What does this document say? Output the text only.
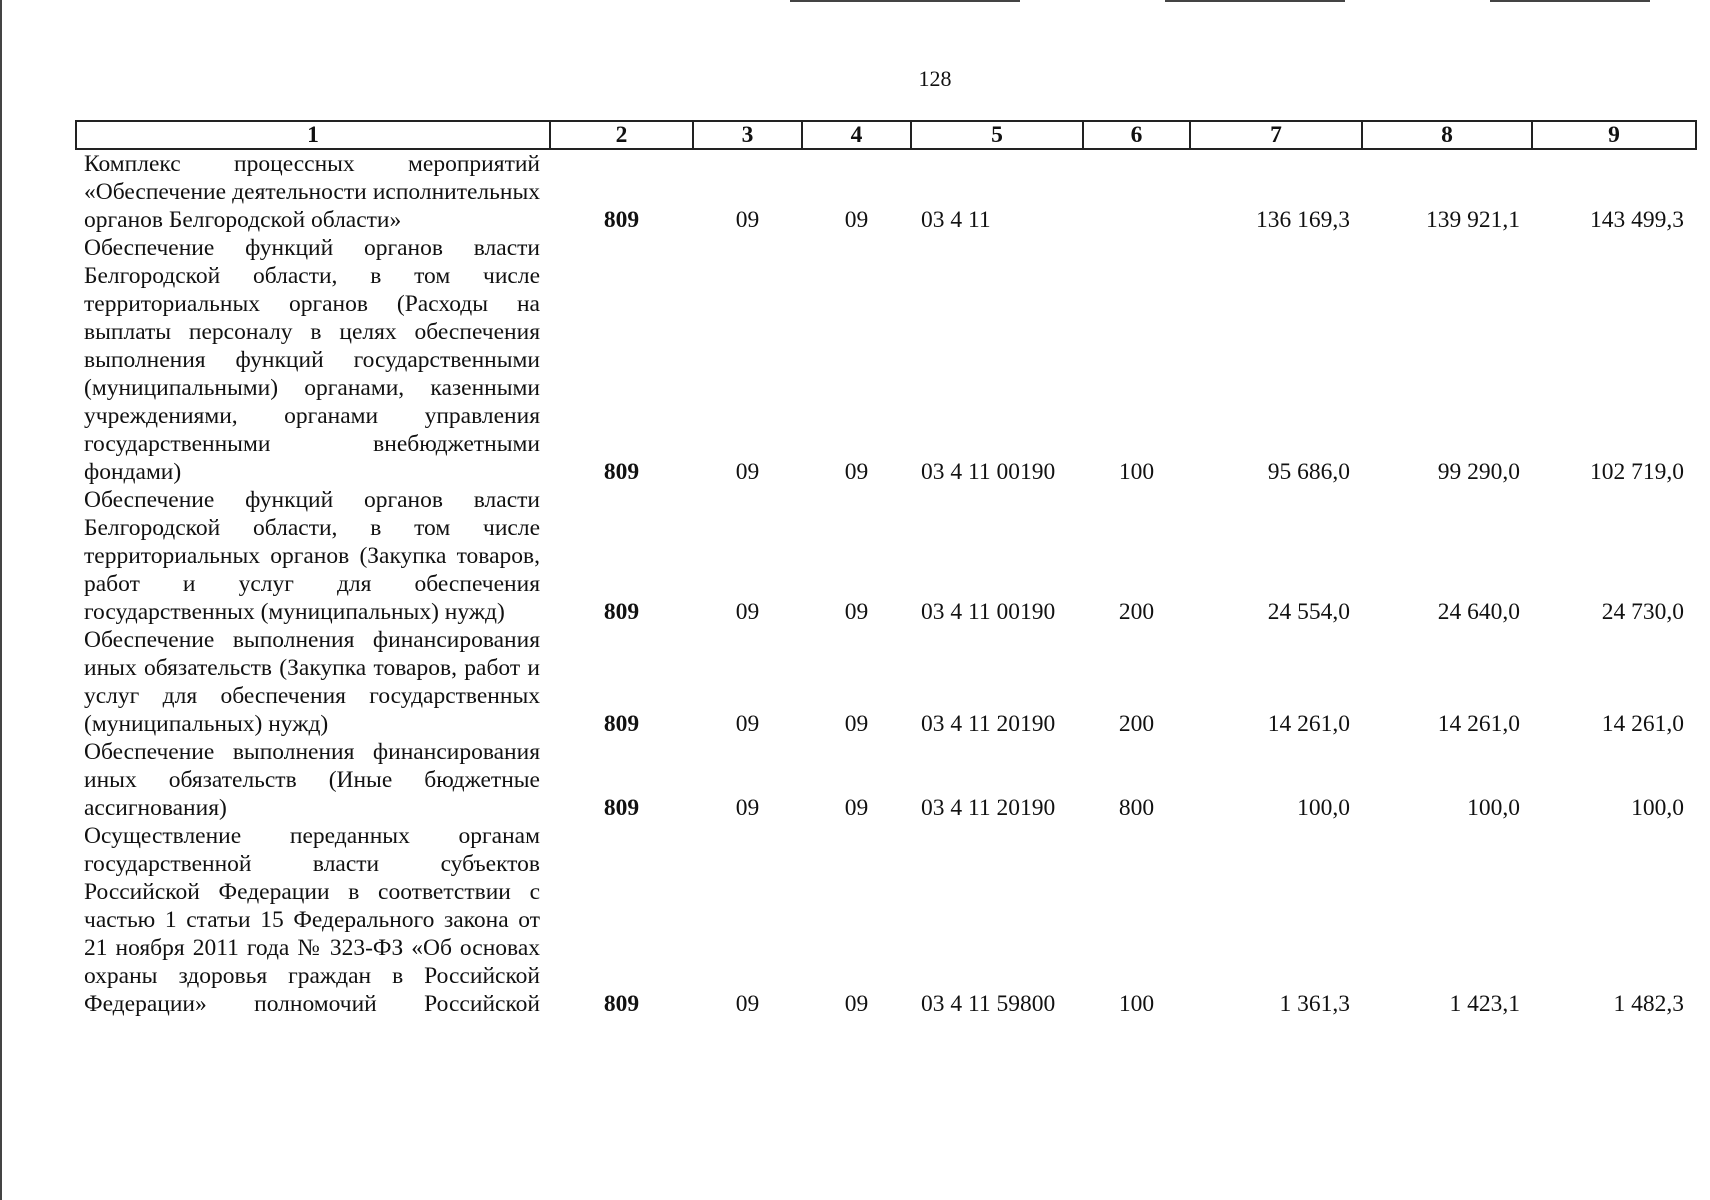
128
1	2	3	4	5	6	7	8	9
Комплекс процессных мероприятий «Обеспечение деятельности исполнительных органов Белгородской области»	809	09	09	03 4 11		136 169,3	139 921,1	143 499,3
Обеспечение функций органов власти Белгородской области, в том числе территориальных органов (Расходы на выплаты персоналу в целях обеспечения выполнения функций государственными (муниципальными) органами, казенными учреждениями, органами управления государственными внебюджетными фондами)	809	09	09	03 4 11 00190	100	95 686,0	99 290,0	102 719,0
Обеспечение функций органов власти Белгородской области, в том числе территориальных органов (Закупка товаров, работ и услуг для обеспечения государственных (муниципальных) нужд)	809	09	09	03 4 11 00190	200	24 554,0	24 640,0	24 730,0
Обеспечение выполнения финансирования иных обязательств (Закупка товаров, работ и услуг для обеспечения государственных (муниципальных) нужд)	809	09	09	03 4 11 20190	200	14 261,0	14 261,0	14 261,0
Обеспечение выполнения финансирования иных обязательств (Иные бюджетные ассигнования)	809	09	09	03 4 11 20190	800	100,0	100,0	100,0
Осуществление переданных органам государственной власти субъектов Российской Федерации в соответствии с частью 1 статьи 15 Федерального закона от 21 ноября 2011 года № 323-ФЗ «Об основах охраны здоровья граждан в Российской Федерации» полномочий Российской	809	09	09	03 4 11 59800	100	1 361,3	1 423,1	1 482,3
